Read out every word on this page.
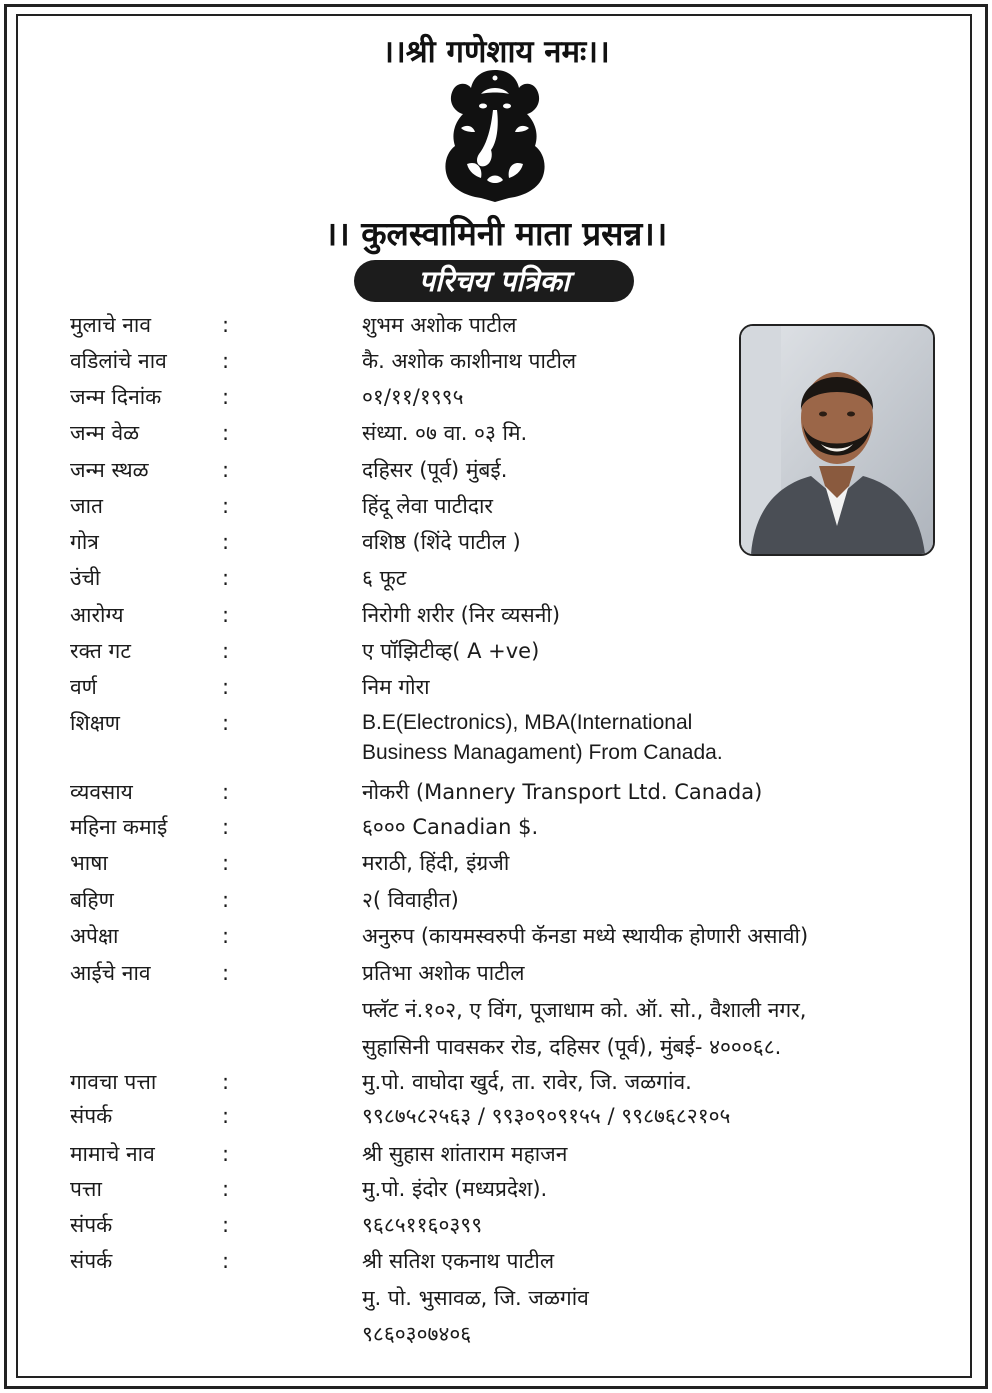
।।श्री गणेशाय नमः।।
।। कुलस्वामिनी माता प्रसन्न।।
परिचय पत्रिका
मुलाचे नाव	:	शुभम अशोक पाटील
वडिलांचे नाव	:	कै. अशोक काशीनाथ पाटील
जन्म दिनांक	:	०१/११/१९९५
जन्म वेळ	:	संध्या. ०७ वा. ०३ मि.
जन्म स्थळ	:	दहिसर (पूर्व) मुंबई.
जात	:	हिंदू लेवा पाटीदार
गोत्र	:	वशिष्ठ (शिंदे पाटील )
उंची	:	६ फूट
आरोग्य	:	निरोगी शरीर (निर व्यसनी)
रक्त गट	:	ए पॉझिटीव्ह( A +ve)
वर्ण	:	निम गोरा
शिक्षण	:	B.E(Electronics), MBA(International
Business Managament) From Canada.
व्यवसाय	:	नोकरी (Mannery Transport Ltd. Canada)
महिना कमाई	:	६००० Canadian $.
भाषा	:	मराठी, हिंदी, इंग्रजी
बहिण	:	२( विवाहीत)
अपेक्षा	:	अनुरुप (कायमस्वरुपी कॅनडा मध्ये स्थायीक होणारी असावी)
आईचे नाव	:	प्रतिभा अशोक पाटील
फ्लॅट नं.१०२, ए विंग, पूजाधाम को. ऑ. सो., वैशाली नगर,
सुहासिनी पावसकर रोड, दहिसर (पूर्व), मुंबई- ४०००६८.
गावचा पत्ता	:	मु.पो. वाघोदा खुर्द, ता. रावेर, जि. जळगांव.
संपर्क	:	९९८७५८२५६३ / ९९३०९०९१५५ / ९९८७६८२१०५
मामाचे नाव	:	श्री सुहास शांताराम महाजन
पत्ता	:	मु.पो. इंदोर (मध्यप्रदेश).
संपर्क	:	९६८५११६०३९९
संपर्क	:	श्री सतिश एकनाथ पाटील
मु. पो. भुसावळ, जि. जळगांव
९८६०३०७४०६
